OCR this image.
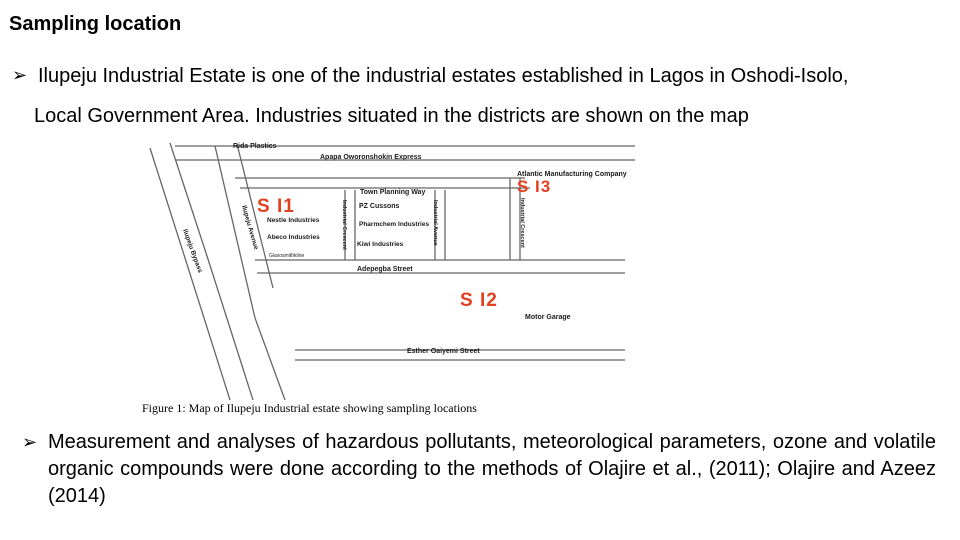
Sampling location
➢ Ilupeju Industrial Estate is one of the industrial estates established in Lagos in Oshodi-Isolo,

Local Government Area. Industries situated in the districts are shown on the map
Rida Plastics
Apapa Oworonshokin Express
Atlantic Manufacturing Company
Town Planning Way
S I1
S I3
S I2
Nestle Industries
Abeco Industries
Glaxosmithkline
PZ Cussons
Pharmchem Industries
Kiwi Industries
Adepegba Street
Motor Garage
Esther Oaiyemi Street
Ilupeju Bypass
Ilupeju Avenue	Industrial Crescent	Industrial Avenue	Industrial Crescent
Figure 1: Map of Ilupeju Industrial estate showing sampling locations
➢ Measurement and analyses of hazardous pollutants, meteorological parameters, ozone and volatile organic compounds were done according to the methods of Olajire et al., (2011); Olajire and Azeez (2014)
